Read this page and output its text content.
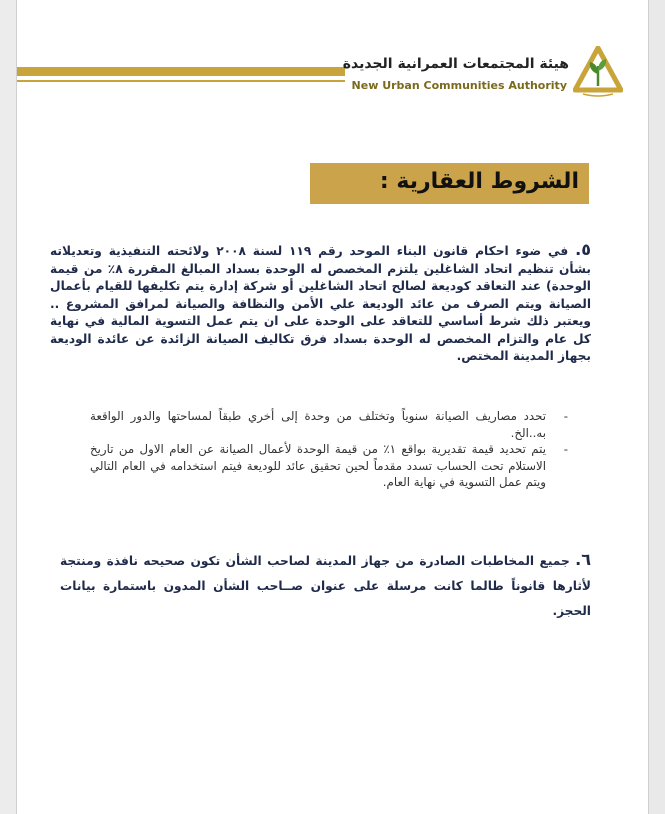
هيئة المجتمعات العمرانية الجديدة
New Urban Communities Authority
الشروط العقارية :
٥. في ضوء احكام قانون البناء الموحد رقم ١١٩ لسنة ٢٠٠٨ ولائحته التنفيذية وتعديلاته بشأن تنظيم اتحاد الشاغلين يلتزم المخصص له الوحدة بسداد المبالغ المقررة ٨٪ من قيمة الوحدة) عند التعاقد كوديعة لصالح اتحاد الشاغلين أو شركة إدارة يتم تكليفها للقيام بأعمال الصيانة ويتم الصرف من عائد الوديعة علي الأمن والنظافة والصيانة لمرافق المشروع .. ويعتبر ذلك شرط أساسي للتعاقد على الوحدة على ان يتم عمل التسوية المالية في نهاية كل عام والتزام المخصص له الوحدة بسداد فرق تكاليف الصيانة الزائدة عن عائدة الوديعة بجهاز المدينة المختص.
-
تحدد مصاريف الصيانة سنوياً وتختلف من وحدة إلى أخري طبقاً لمساحتها والدور الواقعة به..الخ.
-
يتم تحديد قيمة تقديرية بواقع ١٪ من قيمة الوحدة لأعمال الصيانة عن العام الاول من تاريخ الاستلام تحت الحساب تسدد مقدماً لحين تحقيق عائد للوديعة فيتم استخدامه في العام التالي ويتم عمل التسوية في نهاية العام.
٦. جميع المخاطبات الصادرة من جهاز المدينة لصاحب الشأن تكون صحيحه نافذة ومنتجة لأثارها قانوناً طالما كانت مرسلة على عنوان صــاحب الشأن المدون باستمارة بيانات الحجز.
